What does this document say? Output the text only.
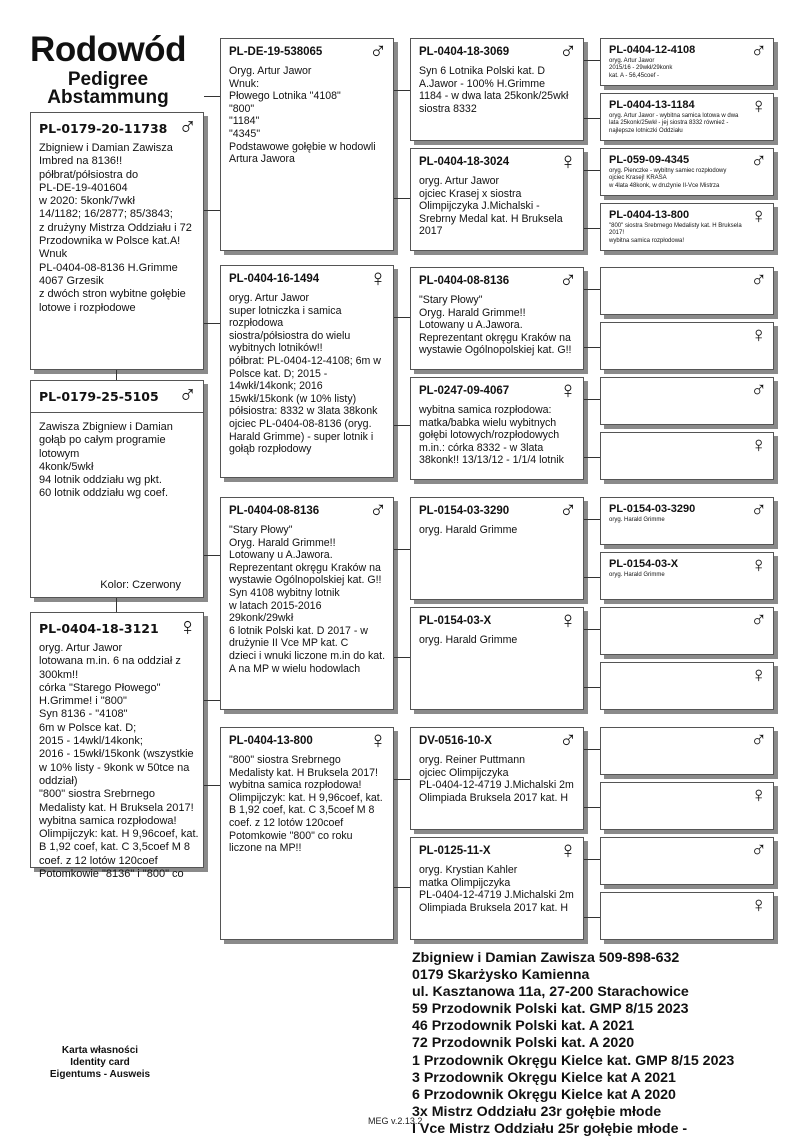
Rodowód
Pedigree
Abstammung
PL-0179-20-11738 ♂
Zbigniew i Damian Zawisza
Imbred na 8136!!
półbrat/półsiostra do
PL-DE-19-401604
w 2020: 5konk/7wkł
14/1182; 16/2877; 85/3843;
z drużyny Mistrza Oddziału i 72
Przodownika w Polsce kat.A!
Wnuk
PL-0404-08-8136 H.Grimme
4067 Grzesik
z dwóch stron wybitne gołębie
lotowe i rozpłodowe
PL-0179-25-5105 ♂
Zawisza Zbigniew i Damian
gołąb po całym programie
lotowym
4konk/5wkł
94 lotnik oddziału wg pkt.
60 lotnik oddziału wg coef.
Kolor: Czerwony
PL-0404-18-3121 ♀
oryg. Artur Jawor
lotowana m.in. 6 na oddział z
300km!!
córka "Starego Płowego"
H.Grimme! i "800"
Syn 8136 - "4108"
6m w Polsce kat. D;
2015 - 14wkl/14konk;
2016 - 15wkł/15konk (wszystkie
w 10% listy - 9konk w 50tce na
oddział)
"800" siostra Srebrnego
Medalisty kat. H Bruksela 2017!
wybitna samica rozpłodowa!
Olimpijczyk: kat. H 9,96coef, kat.
B 1,92 coef, kat. C 3,5coef M 8
coef. z 12 lotów 120coef
Potomkowie "8136" i "800" co
PL-DE-19-538065	♂
Oryg. Artur Jawor
Wnuk:
Płowego Lotnika "4108"
"800"
"1184"
"4345"
Podstawowe gołębie w hodowli
Artura Jawora
PL-0404-16-1494	♀
oryg. Artur Jawor
super lotniczka i samica
rozpłodowa
siostra/półsiostra do wielu
wybitnych lotników!!
półbrat: PL-0404-12-4108; 6m w
Polsce kat. D; 2015 -
14wkł/14konk; 2016
15wkł/15konk (w 10% listy)
półsiostra: 8332 w 3lata 38konk
ojciec PL-0404-08-8136 (oryg.
Harald Grimme) - super lotnik i
gołąb rozpłodowy
PL-0404-08-8136	♂
"Stary Płowy"
Oryg. Harald Grimme!!
Lotowany u A.Jawora.
Reprezentant okręgu Kraków na
wystawie Ogólnopolskiej kat. G!!
Syn 4108 wybitny lotnik
w latach 2015-2016
29konk/29wkł
6 lotnik Polski kat. D 2017 - w
drużynie II Vce MP kat. C
dzieci i wnuki liczone m.in do kat.
A na MP w wielu hodowlach
PL-0404-13-800	♀
"800" siostra Srebrnego
Medalisty kat. H Bruksela 2017!
wybitna samica rozpłodowa!
Olimpijczyk: kat. H 9,96coef, kat.
B 1,92 coef, kat. C 3,5coef M 8
coef. z 12 lotów 120coef
Potomkowie "800" co roku
liczone na MP!!
PL-0404-18-3069	♂
Syn 6 Lotnika Polski kat. D
A.Jawor - 100% H.Grimme
1184 - w dwa lata 25konk/25wkł
siostra 8332
PL-0404-18-3024	♀
oryg. Artur Jawor
ojciec Krasej x siostra
Olimpijczyka J.Michalski -
Srebrny Medal kat. H Bruksela
2017
PL-0404-08-8136	♂
"Stary Płowy"
Oryg. Harald Grimme!!
Lotowany u A.Jawora.
Reprezentant okręgu Kraków na
wystawie Ogólnopolskiej kat. G!!
PL-0247-09-4067	♀
wybitna samica rozpłodowa:
matka/babka wielu wybitnych
gołębi lotowych/rozpłodowych
m.in.: córka 8332 - w 3lata
38konk!! 13/13/12 - 1/1/4 lotnik
PL-0154-03-3290	♂
oryg. Harald Grimme
PL-0154-03-X	♀
oryg. Harald Grimme
DV-0516-10-X	♂
oryg. Reiner Puttmann
ojciec Olimpijczyka
PL-0404-12-4719 J.Michalski 2m
Olimpiada Bruksela 2017 kat. H
PL-0125-11-X	♀
oryg. Krystian Kahler
matka Olimpijczyka
PL-0404-12-4719 J.Michalski 2m
Olimpiada Bruksela 2017 kat. H
PL-0404-12-4108	♂
oryg. Artur Jawor
2015/16 - 29wkł/29konk
kat. A - 56,45coef -
PL-0404-13-1184	♀
oryg. Artur Jawor - wybitna samica lotowa w dwa lata 25konk/25wkł - jej siostra 8332 również - najlepsze lotniczki Oddziału
PL-059-09-4345	♂
oryg. Pienczke - wybitny samiec rozpłodowy
ojciec Krasej! KRASA
w 4lata 48konk, w drużynie II-Vce Mistrza
PL-0404-13-800	♀
"800" siostra Srebrnego Medalisty kat. H Bruksela 2017!
wybitna samica rozpłodowa!
♂
♀
♂
♀
PL-0154-03-3290	♂
oryg. Harald Grimme
PL-0154-03-X	♀
oryg. Harald Grimme
♂
♀
♂
♀
♂
♀
Zbigniew i Damian Zawisza 509-898-632
0179 Skarżysko Kamienna
ul. Kasztanowa 11a, 27-200 Starachowice
59 Przodownik Polski kat. GMP 8/15 2023
46 Przodownik Polski kat. A 2021
72 Przodownik Polski kat. A 2020
1 Przodownik Okręgu Kielce kat. GMP 8/15 2023
3 Przodownik Okręgu Kielce kat A 2021
6 Przodownik Okręgu Kielce kat A 2020
3x Mistrz Oddziału 23r gołębie młode
I Vce Mistrz Oddziału 25r gołębie młode -
Karta własności
Identity card
Eigentums - Ausweis
MEG v.2.13.2
